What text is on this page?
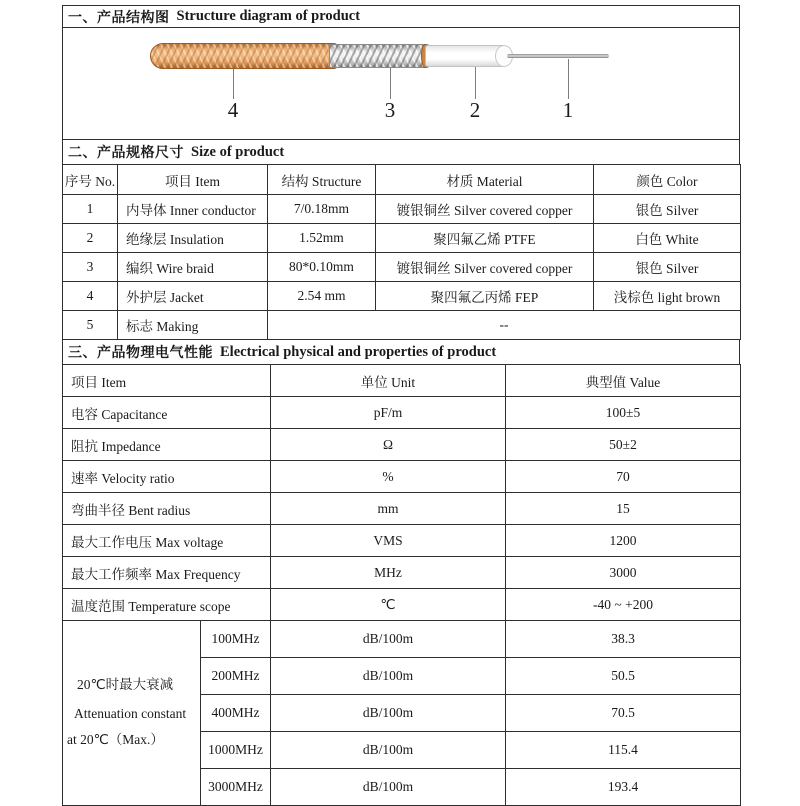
一、产品结构图 Structure diagram of product
4	3	2	1
二、产品规格尺寸 Size of product
序号 No.	项目 Item	结构 Structure	材质 Material	颜色 Color
1	内导体 Inner conductor	7/0.18mm	镀银铜丝 Silver covered copper	银色 Silver
2	绝缘层 Insulation	1.52mm	聚四氟乙烯 PTFE	白色 White
3	编织 Wire braid	80*0.10mm	镀银铜丝 Silver covered copper	银色 Silver
4	外护层 Jacket	2.54 mm	聚四氟乙丙烯 FEP	浅棕色 light brown
5	标志 Making	--		
三、产品物理电气性能 Electrical physical and properties of product
项目 Item	单位 Unit	典型值 Value
电容 Capacitance	pF/m	100±5
阻抗 Impedance	Ω	50±2
速率 Velocity ratio	%	70
弯曲半径 Bent radius	mm	15
最大工作电压 Max voltage	VMS	1200
最大工作频率 Max Frequency	MHz	3000
温度范围 Temperature scope	℃	-40 ~ +200
20℃时最大衰减
Attenuation constant
at 20℃（Max.）	100MHz	dB/100m	38.3
	200MHz	dB/100m	50.5
	400MHz	dB/100m	70.5
	1000MHz	dB/100m	115.4
	3000MHz	dB/100m	193.4
